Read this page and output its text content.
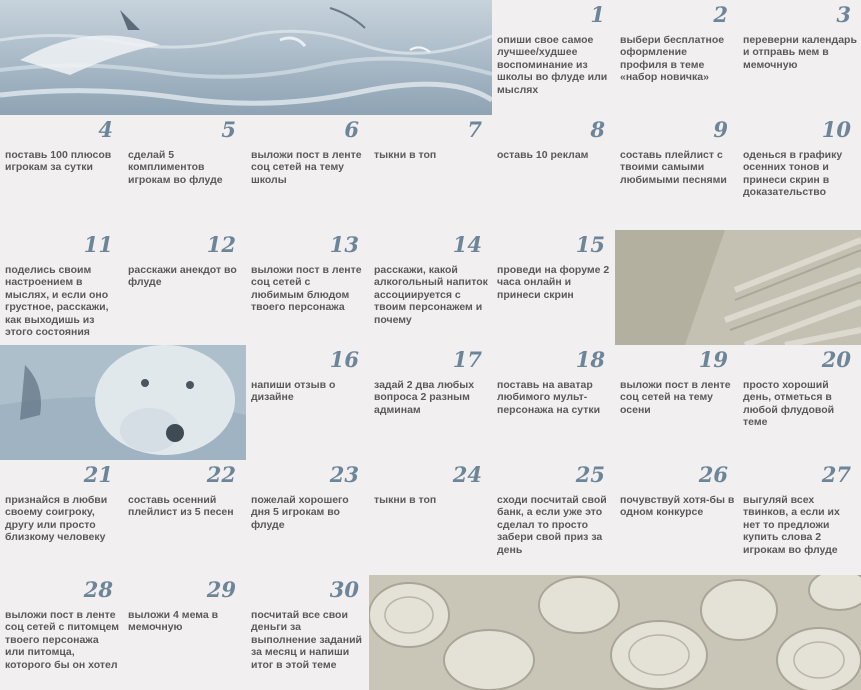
1
опиши свое самое лучшее/худшее воспоминание из школы во флуде или мыслях
2
выбери бесплатное оформление профиля в теме «набор новичка»
3
переверни календарь и отправь мем в мемочную
4
поставь 100 плюсов игрокам за сутки
5
сделай 5 комплиментов игрокам во флуде
6
выложи пост в ленте соц сетей на тему школы
7
тыкни в топ
8
оставь 10 реклам
9
составь плейлист с твоими самыми любимыми песнями
10
оденься в графику осенних тонов и принеси скрин в доказательство
11
поделись своим настроением в мыслях, и если оно грустное, расскажи, как выходишь из этого состояния
12
расскажи анекдот во флуде
13
выложи пост в ленте соц сетей с любимым блюдом твоего персонажа
14
расскажи, какой алкогольный напиток ассоциируется с твоим персонажем и почему
15
проведи на форуме 2 часа онлайн и принеси скрин
16
напиши отзыв о дизайне
17
задай 2 два любых вопроса 2 разным админам
18
поставь на аватар любимого мульт-персонажа на сутки
19
выложи пост в ленте соц сетей на тему осени
20
просто хороший день, отметься в любой флудовой теме
21
признайся в любви своему соигроку, другу или просто близкому человеку
22
составь осенний плейлист из 5 песен
23
пожелай хорошего дня 5 игрокам во флуде
24
тыкни в топ
25
сходи посчитай свой банк, а если уже это сделал то просто забери свой приз за день
26
почувствуй хотя-бы в одном конкурсе
27
выгуляй всех твинков, а если их нет то предложи купить слова 2 игрокам во флуде
28
выложи пост в ленте соц сетей с питомцем твоего персонажа или питомца, которого бы он хотел
29
выложи 4 мема в мемочную
30
посчитай все свои деньги за выполнение заданий за месяц и напиши итог в этой теме
